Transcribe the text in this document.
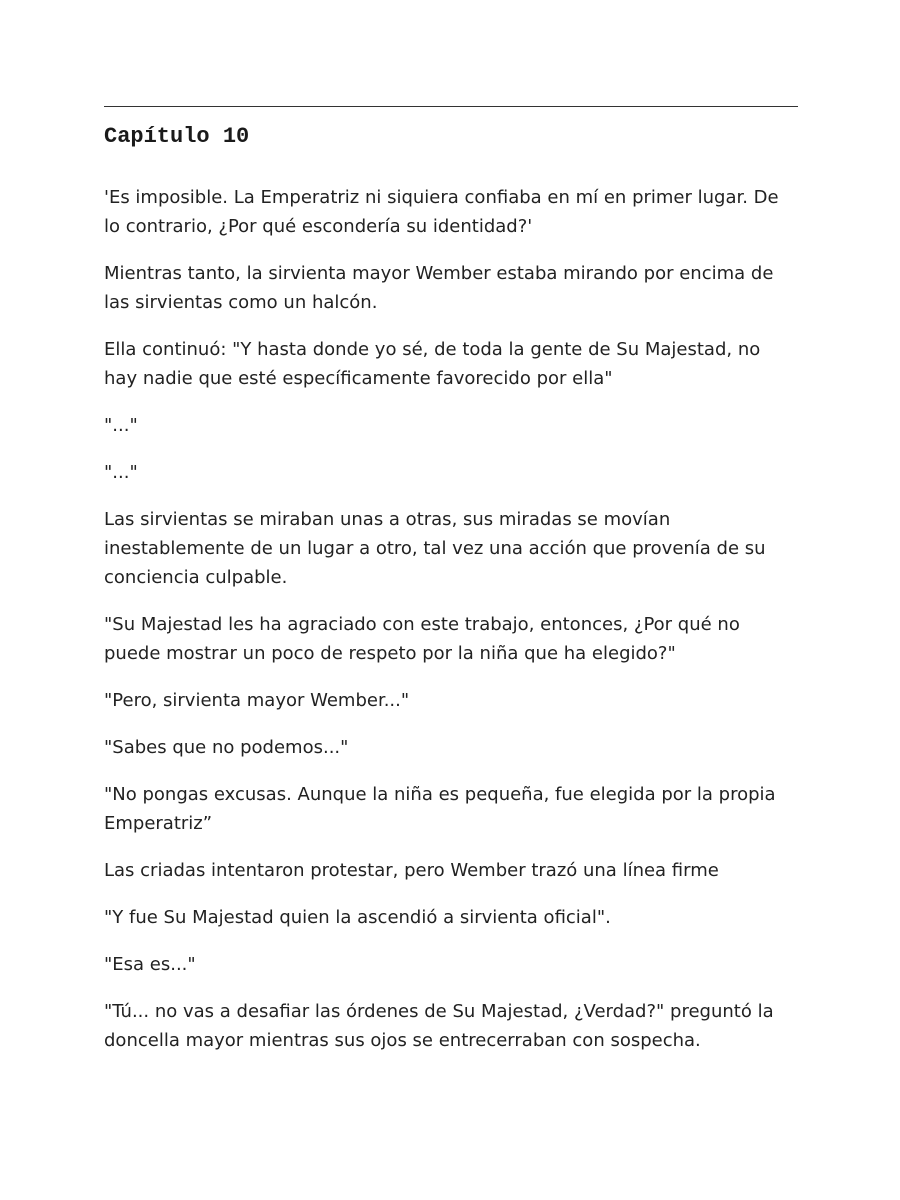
Capítulo 10

'Es imposible. La Emperatriz ni siquiera confiaba en mí en primer lugar. De lo contrario, ¿Por qué escondería su identidad?'

Mientras tanto, la sirvienta mayor Wember estaba mirando por encima de las sirvientas como un halcón.

Ella continuó: "Y hasta donde yo sé, de toda la gente de Su Majestad, no hay nadie que esté específicamente favorecido por ella"

"..."

"..."

Las sirvientas se miraban unas a otras, sus miradas se movían inestablemente de un lugar a otro, tal vez una acción que provenía de su conciencia culpable.

"Su Majestad les ha agraciado con este trabajo, entonces, ¿Por qué no puede mostrar un poco de respeto por la niña que ha elegido?"

"Pero, sirvienta mayor Wember..."

"Sabes que no podemos..."

"No pongas excusas. Aunque la niña es pequeña, fue elegida por la propia Emperatriz”

Las criadas intentaron protestar, pero Wember trazó una línea firme

"Y fue Su Majestad quien la ascendió a sirvienta oficial".

"Esa es..."

"Tú... no vas a desafiar las órdenes de Su Majestad, ¿Verdad?" preguntó la doncella mayor mientras sus ojos se entrecerraban con sospecha.
